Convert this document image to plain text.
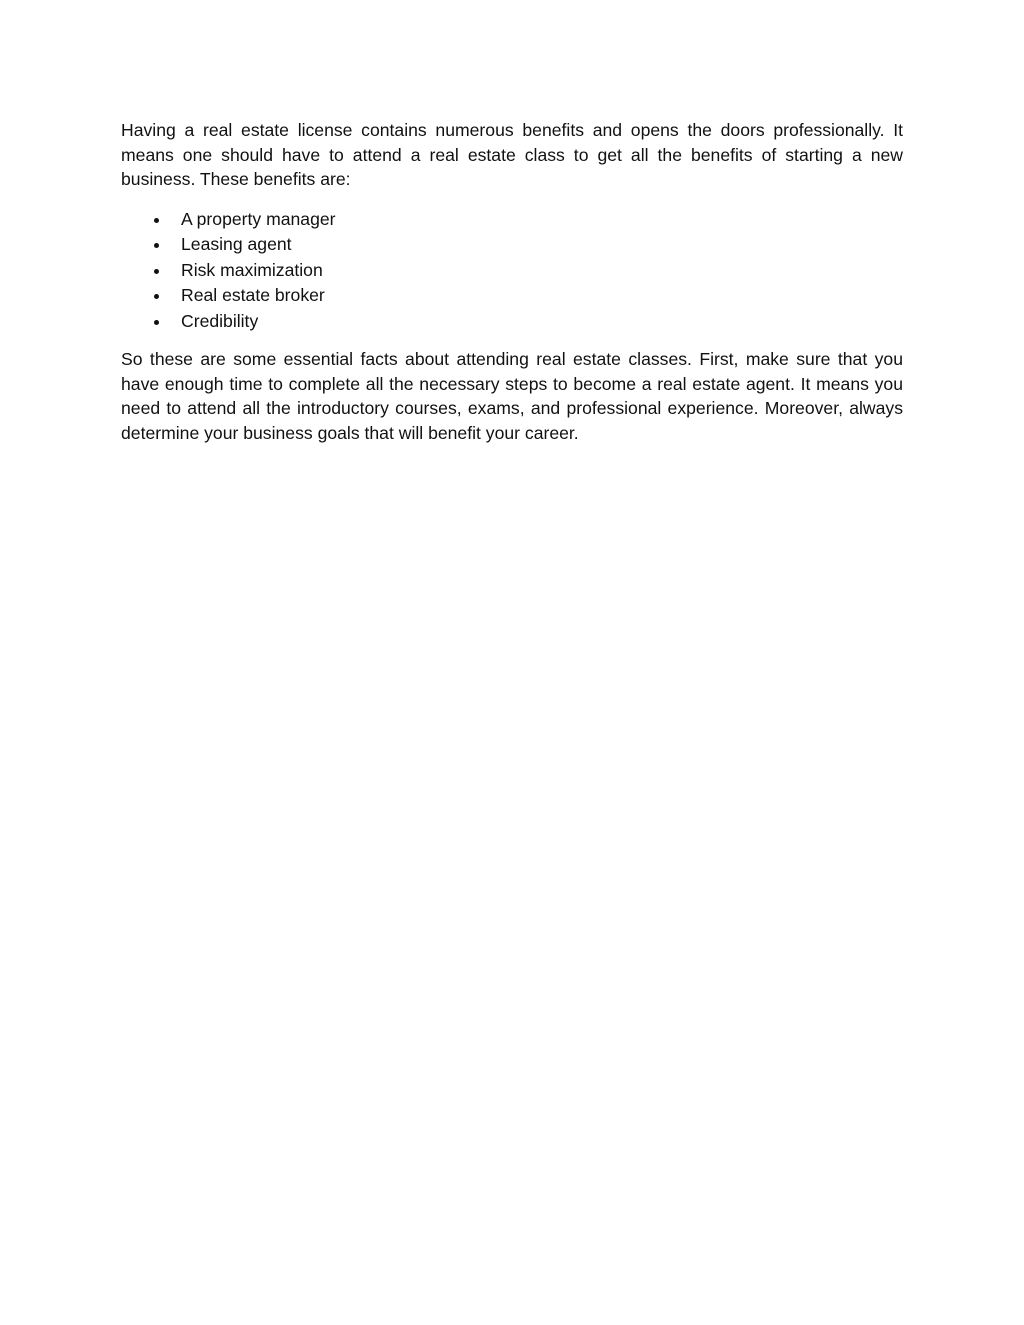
Having a real estate license contains numerous benefits and opens the doors professionally. It means one should have to attend a real estate class to get all the benefits of starting a new business. These benefits are:

A property manager
Leasing agent
Risk maximization
Real estate broker
Credibility

So these are some essential facts about attending real estate classes. First, make sure that you have enough time to complete all the necessary steps to become a real estate agent. It means you need to attend all the introductory courses, exams, and professional experience. Moreover, always determine your business goals that will benefit your career.
